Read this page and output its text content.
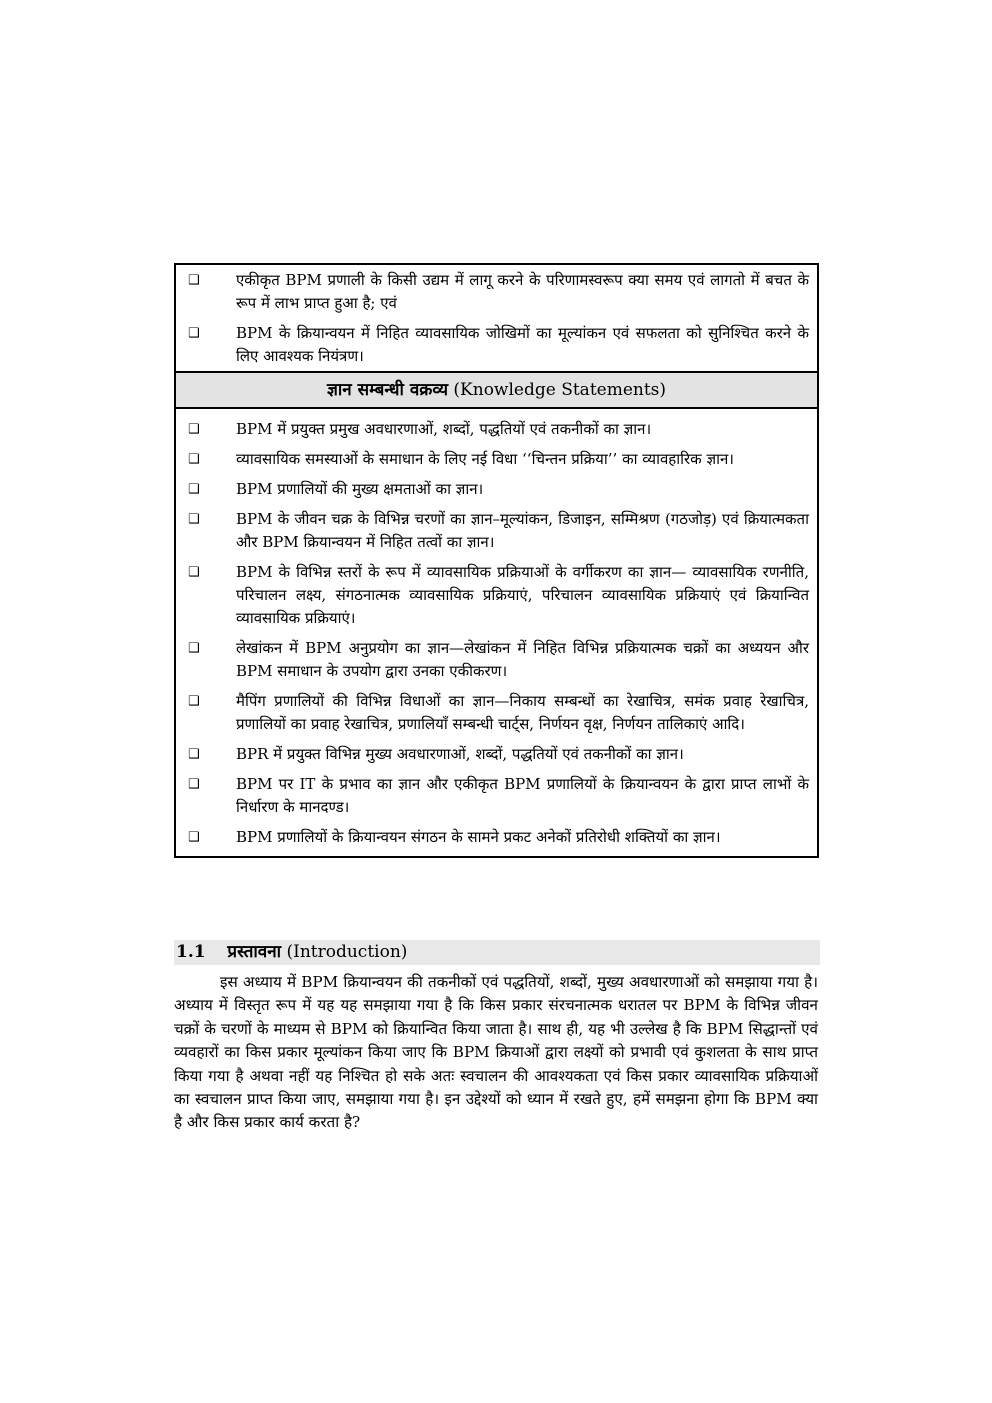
❑	एकीकृत BPM प्रणाली के किसी उद्यम में लागू करने के परिणामस्वरूप क्या समय एवं लागतो में बचत के रूप में लाभ प्राप्त हुआ है; एवं
❑	BPM के क्रियान्वयन में निहित व्यावसायिक जोखिमों का मूल्यांकन एवं सफलता को सुनिश्चित करने के लिए आवश्यक नियंत्रण।
ज्ञान सम्बन्धी वक्रव्य (Knowledge Statements)
❑	BPM में प्रयुक्त प्रमुख अवधारणाओं, शब्दों, पद्धतियों एवं तकनीकों का ज्ञान।
❑	व्यावसायिक समस्याओं के समाधान के लिए नई विधा ‘‘चिन्तन प्रक्रिया’’ का व्यावहारिक ज्ञान।
❑	BPM प्रणालियों की मुख्य क्षमताओं का ज्ञान।
❑	BPM के जीवन चक्र के विभिन्न चरणों का ज्ञान–मूल्यांकन, डिजाइन, सम्मिश्रण (गठजोड़) एवं क्रियात्मकता और BPM क्रियान्वयन में निहित तत्वों का ज्ञान।
❑	BPM के विभिन्न स्तरों के रूप में व्यावसायिक प्रक्रियाओं के वर्गीकरण का ज्ञान— व्यावसायिक रणनीति, परिचालन लक्ष्य, संगठनात्मक व्यावसायिक प्रक्रियाएं, परिचालन व्यावसायिक प्रक्रियाएं एवं क्रियान्वित व्यावसायिक प्रक्रियाएं।
❑	लेखांकन में BPM अनुप्रयोग का ज्ञान—लेखांकन में निहित विभिन्न प्रक्रियात्मक चक्रों का अध्ययन और BPM समाधान के उपयोग द्वारा उनका एकीकरण।
❑	मैपिंग प्रणालियों की विभिन्न विधाओं का ज्ञान—निकाय सम्बन्धों का रेखाचित्र, समंक प्रवाह रेखाचित्र, प्रणालियों का प्रवाह रेखाचित्र, प्रणालियाँ सम्बन्धी चार्ट्स, निर्णयन वृक्ष, निर्णयन तालिकाएं आदि।
❑	BPR में प्रयुक्त विभिन्न मुख्य अवधारणाओं, शब्दों, पद्धतियों एवं तकनीकों का ज्ञान।
❑	BPM पर IT के प्रभाव का ज्ञान और एकीकृत BPM प्रणालियों के क्रियान्वयन के द्वारा प्राप्त लाभों के निर्धारण के मानदण्ड।
❑	BPM प्रणालियों के क्रियान्वयन संगठन के सामने प्रकट अनेकों प्रतिरोधी शक्तियों का ज्ञान।
1.1 प्रस्तावना (Introduction)

इस अध्याय में BPM क्रियान्वयन की तकनीकों एवं पद्धतियों, शब्दों, मुख्य अवधारणाओं को समझाया गया है। अध्याय में विस्तृत रूप में यह यह समझाया गया है कि किस प्रकार संरचनात्मक धरातल पर BPM के विभिन्न जीवन चक्रों के चरणों के माध्यम से BPM को क्रियान्वित किया जाता है। साथ ही, यह भी उल्लेख है कि BPM सिद्धान्तों एवं व्यवहारों का किस प्रकार मूल्यांकन किया जाए कि BPM क्रियाओं द्वारा लक्ष्यों को प्रभावी एवं कुशलता के साथ प्राप्त किया गया है अथवा नहीं यह निश्चित हो सके अतः स्वचालन की आवश्यकता एवं किस प्रकार व्यावसायिक प्रक्रियाओं का स्वचालन प्राप्त किया जाए, समझाया गया है। इन उद्देश्यों को ध्यान में रखते हुए, हमें समझना होगा कि BPM क्या है और किस प्रकार कार्य करता है?
